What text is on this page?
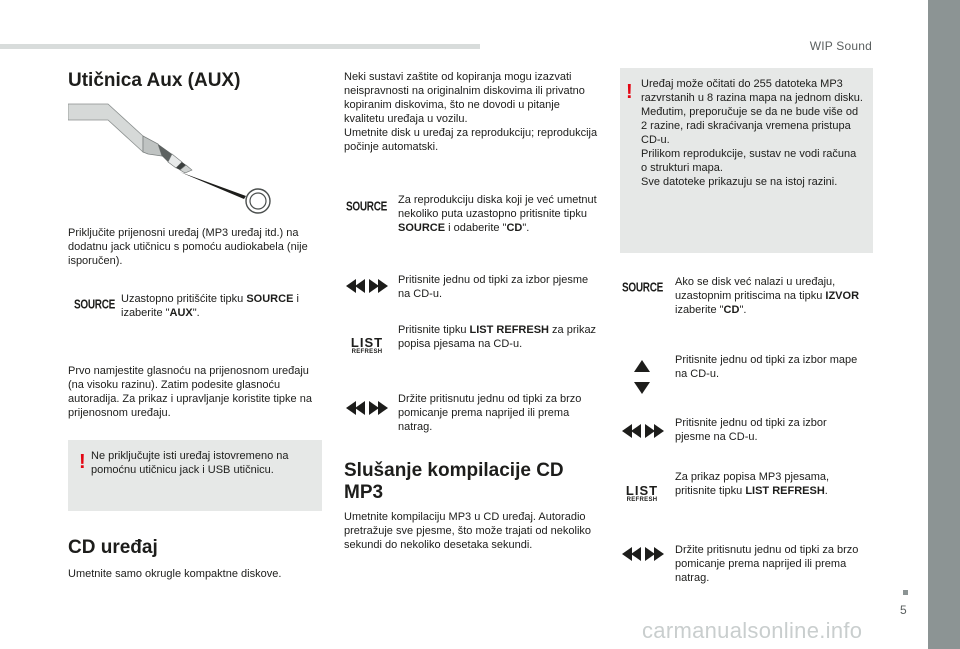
WIP Sound
5
carmanualsonline.info
Utičnica Aux (AUX)
Priključite prijenosni uređaj (MP3 uređaj itd.) na dodatnu jack utičnicu s pomoću audiokabela (nije isporučen).
SOURCE Uzastopno pritišćite tipku SOURCE i izaberite "AUX".
Prvo namjestite glasnoću na prijenosnom uređaju (na visoku razinu). Zatim podesite glasnoću autoradija. Za prikaz i upravljanje koristite tipke na prijenosnom uređaju.
! Ne priključujte isti uređaj istovremeno na pomoćnu utičnicu jack i USB utičnicu.
CD uređaj
Umetnite samo okrugle kompaktne diskove.
Neki sustavi zaštite od kopiranja mogu izazvati neispravnosti na originalnim diskovima ili privatno kopiranim diskovima, što ne dovodi u pitanje kvalitetu uređaja u vozilu.
Umetnite disk u uređaj za reprodukciju; reprodukcija počinje automatski.
SOURCE
Za reprodukciju diska koji je već umetnut nekoliko puta uzastopno pritisnite tipku SOURCE i odaberite "CD".
Pritisnite jednu od tipki za izbor pjesme na CD-u.
LIST
REFRESH
Pritisnite tipku LIST REFRESH za prikaz popisa pjesama na CD-u.
Držite pritisnutu jednu od tipki za brzo pomicanje prema naprijed ili prema natrag.
Slušanje kompilacije CD MP3
Umetnite kompilaciju MP3 u CD uređaj. Autoradio pretražuje sve pjesme, što može trajati od nekoliko sekundi do nekoliko desetaka sekundi.
! Uređaj može očitati do 255 datoteka MP3 razvrstanih u 8 razina mapa na jednom disku. Međutim, preporučuje se da ne bude više od 2 razine, radi skraćivanja vremena pristupa CD-u.
Prilikom reprodukcije, sustav ne vodi računa o strukturi mapa.
Sve datoteke prikazuju se na istoj razini.
SOURCE Ako se disk već nalazi u uređaju, uzastopnim pritiscima na tipku IZVOR izaberite "CD".
Pritisnite jednu od tipki za izbor mape na CD-u.
Pritisnite jednu od tipki za izbor pjesme na CD-u.
LIST
REFRESH
Za prikaz popisa MP3 pjesama, pritisnite tipku LIST REFRESH.
Držite pritisnutu jednu od tipki za brzo pomicanje prema naprijed ili prema natrag.
